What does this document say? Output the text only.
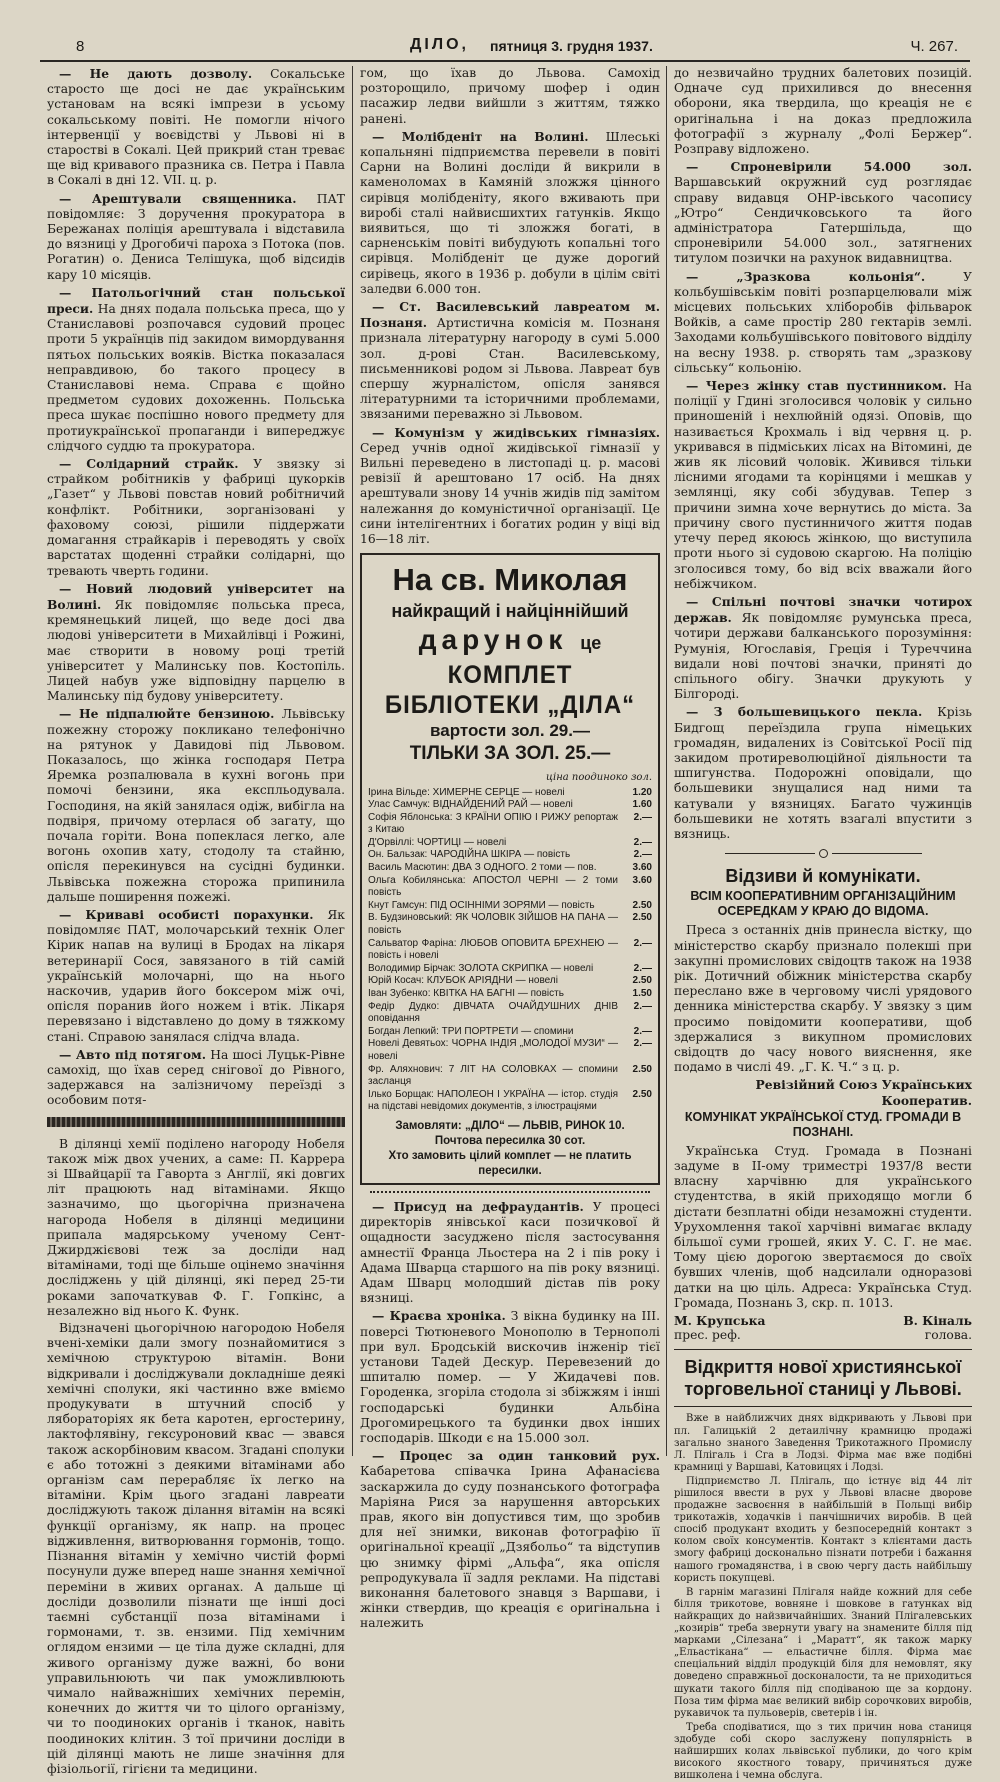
8	ДІЛО, пятниця 3. грудня 1937.	Ч. 267.

— Не дають дозволу. Сокальське старосто ще досі не дає українським установам на всякі імпрези в усьому сокальському повіті. Не помогли нічого інтервенції у воєвідстві у Львові ні в старостві в Сокалі. Цей прикрий стан треває ще від кривавого празника св. Петра і Павла в Сокалі в дні 12. VII. ц. р.

— Арештували священника. ПАТ повідомляє: З доручення прокуратора в Бережанах поліція арештувала і відставила до вязниці у Дрогобичі пароха з Потока (пов. Рогатин) о. Дениса Телішука, щоб відсидів кару 10 місяців.

— Патольогічний стан польської преси. На днях подала польська преса, що у Станиславові розпочався судовий процес проти 5 українців під закидом вимордування пятьох польських вояків. Вістка показалася неправдивою, бо такого процесу в Станиславові нема. Справа є щойно предметом судових дохоженнь. Польська преса шукає поспішно нового предмету для протиукраїнської пропаганди і випереджує слідчого суддю та прокуратора.

— Солідарний страйк. У звязку зі страйком робітників у фабриці цукорків „Газет“ у Львові повстав новий робітничий конфлікт. Робітники, зорганізовані у фаховому союзі, рішили піддержати домагання страйкарів і переводять у своїх варстатах щоденні страйки солідарні, що тревають чверть години.

— Новий людовий університет на Волині. Як повідомляє польська преса, кремянецький лицей, що веде досі два людові університети в Михайлівці і Рожині, має створити в новому році третій університет у Малинську пов. Костопіль. Лицей набув уже відповідну парцелю в Малинську під будову університету.

— Не підпалюйте бензиною. Львівську пожежну сторожу покликано телефонічно на рятунок у Давидові під Львовом. Показалось, що жінка господаря Петра Яремка розпалювала в кухні вогонь при помочі бензини, яка експльодувала. Господиня, на якій занялася одіж, вибігла на подвіря, причому отерлася об загату, що почала горіти. Вона попеклася легко, але вогонь охопив хату, стодолу та стайню, опісля перекинувся на сусідні будинки. Львівська пожежна сторожа припинила дальше поширення пожежі.

— Криваві особисті порахунки. Як повідомляє ПАТ, молочарський технік Олег Кірик напав на вулиці в Бродах на лікаря ветеринарії Сося, завязаного в тій самій українській молочарні, що на нього наскочив, ударив його боксером між очі, опісля поранив його ножем і втік. Лікаря перевязано і відставлено до дому в тяжкому стані. Справою занялася слідча влада.

— Авто під потягом. На шосі Луцьк-Рівне самохід, що їхав серед снігової до Рівного, задержався на залізничому переїзді з особовим потя-

В ділянці хемії поділено нагороду Нобеля також між двох учених, а саме: П. Каррера зі Швайцарії та Гаворта з Англії, які довгих літ працюють над вітамінами. Якщо зазначимо, що цьогорічна призначена нагорода Нобеля в ділянці медицини припала мадярському ученому Сент-Джирджієвові теж за досліди над вітамінами, тоді ще більше оцінемо значіння досліджень у цій ділянці, які перед 25-ти роками започаткував Ф. Г. Гопкінс, а незалежно від нього К. Функ.

Відзначені цьогорічною нагородою Нобеля вчені-хеміки дали змогу познайомитися з хемічною структурою вітамін. Вони відкривали і досліджували докладніше деякі хемічні сполуки, які частинно вже вміємо продукувати в штучний спосіб у лябораторіях як бета каротен, ергостерину, лактофлявіну, гексуроновий квас — звався також аскорбіновим квасом. Згадані сполуки є або тотожні з деякими вітамінами або організм сам перерабляє їх легко на вітаміни. Крім цього згадані лавреати досліджують також ділання вітамін на всякі функції організму, як напр. на процес відживлення, витворювання гормонів, тощо. Пізнання вітамін у хемічно чистій формі посунули дуже вперед наше знання хемічної переміни в живих органах. А дальше ці досліди дозволили пізнати ще інші досі таємні субстанції поза вітамінами і гормонами, т. зв. ензими. Під хемічним оглядом ензими — це тіла дуже складні, для живого організму дуже важні, бо вони управильнюють чи пак уможливлюють чимало найважніших хемічних перемін, конечних до життя чи то цілого організму, чи то поодиноких органів і тканок, навіть поодиноких клітин. З тої причини досліди в цій ділянці мають не лише значіння для фізіольогії, гігієни та медицини.

гом, що їхав до Львова. Самохід розторощило, причому шофер і один пасажир ледви вийшли з життям, тяжко ранені.

— Молібденіт на Волині. Шлеські копальняні підприємства перевели в повіті Сарни на Волині досліди й викрили в каменоломах в Камяній зложжя цінного сирівця молібденіту, якого вживають при виробі сталі найвисшихтих гатунків. Якщо виявиться, що ті зложжя богаті, в сарненськім повіті вибудують копальні того сирівця. Молібденіт це дуже дорогий сирівець, якого в 1936 р. добули в цілім світі заледви 6.000 тон.

— Ст. Василевський лавреатом м. Познаня. Артистична комісія м. Познаня признала літературну нагороду в сумі 5.000 зол. д-рові Стан. Василевському, письменникові родом зі Львова. Лавреат був спершу журналістом, опісля занявся літературними та історичними проблемами, звязаними переважно зі Львовом.

— Комунізм у жидівських гімназіях. Серед учнів одної жидівської гімназії у Вильні переведено в листопаді ц. р. масові ревізії й арештовано 17 осіб. На днях арештували знову 14 учнів жидів під замітом належання до комуністичної організації. Це сини інтелігентних і богатих родин у віці від 16—18 літ.

На св. Миколая
найкращий і найціннійший
дарунок це
КОМПЛЕТ БІБЛІОТЕКИ „ДІЛА“
вартости зол. 29.—
ТІЛЬКИ ЗА ЗОЛ. 25.—
ціна поодиноко зол.
Ірина Вільде: ХИМЕРНЕ СЕРЦЕ — новелі	1.20
Улас Самчук: ВІДНАЙДЕНИЙ РАЙ — новелі	1.60
Софія Яблонська: З КРАЇНИ ОПІЮ І РИЖУ репортаж з Китаю
2.—
Д'Орвіллі: ЧОРТИЦІ — новелі	2.—
Он. Бальзак: ЧАРОДІЙНА ШКІРА — повість	2.—
Василь Масютин: ДВА З ОДНОГО. 2 томи — пов.	3.60
Ольга Кобилянська: АПОСТОЛ ЧЕРНІ — 2 томи повість
3.60
Кнут Гамсун: ПІД ОСІННІМИ ЗОРЯМИ — повість	2.50
В. Будзиновський: ЯК ЧОЛОВІК ЗІЙШОВ НА ПАНА — повість
2.50
Сальватор Фаріна: ЛЮБОВ ОПОВИТА БРЕХНЕЮ — повість і новелі
2.—
Володимир Бірчак: ЗОЛОТА СКРИПКА — новелі	2.—
Юрій Косач: КЛУБОК АРІЯДНИ — новелі	2.50
Іван Зубенко: КВІТКА НА БАГНІ — повість	1.50
Федір Дудко: ДІВЧАТА ОЧАЙДУШНИХ ДНІВ оповідання
2.—
Богдан Лепкий: ТРИ ПОРТРЕТИ — спомини	2.—
Новелі Девятьох: ЧОРНА ІНДІЯ „МОЛОДОЇ МУЗИ“ — новелі
2.—
Фр. Аляхнович: 7 ЛІТ НА СОЛОВКАХ — спомини засланця
2.50
Ілько Борщак: НАПОЛЕОН І УКРАЇНА — істор. студія на підставі невідомих документів, з ілюстраціями
2.50
Замовляти: „ДІЛО“ — ЛЬВІВ, РИНОК 10.
Почтова пересилка 30 сот.
Хто замовить цілий комплет — не платить пересилки.

— Присуд на дефраудантів. У процесі директорів янівської каси позичкової й ощадности засуджено після застосування амнестії Франца Льостера на 2 і пів року і Адама Шварца старшого на пів року вязниці. Адам Шварц молодший дістав пів року вязниці.

— Краєва хроніка. З вікна будинку на III. поверсі Тютюневого Монополю в Тернополі при вул. Бродській вискочив інженір тієї установи Тадей Дескур. Перевезений до шпиталю помер. — У Жидачеві пов. Городенка, згоріла стодола зі збіжжям і інші господарські будинки Альбіна Дрогомирецького та будинки двох інших господарів. Шкоди є на 15.000 зол.

— Процес за один танковий рух. Кабаретова співачка Ірина Афанасієва заскаржила до суду познанського фотографа Маріяна Рися за нарушення авторських прав, якого він допустився тим, що зробив для неї знимки, виконав фотографію її оригінальної креації „Дзябольо“ та відступив цю знимку фірмі „Альфа“, яка опісля репродукувала її задля реклами. На підставі виконання балетового знавця з Варшави, і жінки ствердив, що креація є оригінальна і належить

до незвичайно трудних балетових позицій. Одначе суд прихилився до внесення оборони, яка твердила, що креація не є оригінальна і на доказ предложила фотографії з журналу „Фолі Бержер“. Розправу відложено.

— Спроневірили 54.000 зол. Варшавський окружний суд розглядає справу видавця ОНР-івського часопису „Ютро“ Сендичковського та його адміністратора Гатершільда, що спроневірили 54.000 зол., затягнених титулом позички на рахунок видавництва.

— „Зразкова кольонія“.	У кольбушівськім повіті розпарцелювали між місцевих польських хліборобів фільварок Войків, а саме простір 280 гектарів землі. Заходами кольбушівського повітового відділу на весну 1938. р. створять там „зразкову сільську“ кольонію.

— Через жінку став пустинником. На поліції у Гдині зголосився чоловік у сильно приношеній і нехлюйній одязі. Оповів, що називається Крохмаль і від червня ц. р. укривався в підміських лісах на Вітомині, де жив як лісовий чоловік. Живився тільки лісними ягодами та корінцями і мешкав у землянці, яку собі збудував. Тепер з причини зимна хоче вернутись до міста. За причину свого пустинничого життя подав утечу перед якоюсь жінкою, що виступила проти нього зі судовою скаргою. На поліцію зголосився тому, бо від всіх вважали його небіжчиком.

— Спільні почтові значки чотирох держав. Як повідомляє румунська преса, чотири держави балканського порозуміння: Румунія, Югославія, Греція і Туреччина видали нові почтові значки, приняті до спільного обігу. Значки друкують у Білгороді.

— З большевицького пекла. Крізь Бидгощ переїздила група німецьких громадян, видалених із Совітської Росії під закидом протиреволюційної діяльности та шпигунства. Подорожні оповідали, що большевики знущалися над ними та катували у вязницях. Багато чужинців большевики не хотять взагалі впустити з вязниць.

Відзиви й комунікати.
ВСІМ КООПЕРАТИВНИМ ОРГАНІЗАЦІЙНИМ ОСЕРЕДКАМ У КРАЮ ДО ВІДОМА.

Преса з останніх днів принесла вістку, що міністерство скарбу признало полекші при закупні промислових свідоцтв також на 1938 рік. Дотичний обіжник міністерства скарбу переслано вже в черговому числі урядового денника міністерства скарбу. У звязку з цим просимо повідомити кооперативи, щоб здержалися з викупном промислових свідоцтв до часу нового вияснення, яке подамо в числі 49. „Г. К. Ч.“ з ц. р.

Ревізійний Союз Українських Кооператив.

КОМУНІКАТ УКРАЇНСЬКОЇ СТУД. ГРОМАДИ В ПОЗНАНІ.

Українська Студ. Громада в Познані задуме в II-ому триместрі 1937/8 вести власну харчівню для українськогo студентства, в якій приходящо могли б дістати безплатні обіди незаможні студенти. Урухомлення такої харчівні вимагає вкладу більшої суми грошей, яких У. С. Г. не має. Тому цією дорогою звертаємося до своїх бувших членів, щоб надсилали одноразові датки на цю ціль. Адреса: Українська Студ. Громада, Познань 3, скр. п. 1013.

М. Крупська
прес. реф.
В. Кіналь
голова.
Відкриття нової християнської торговельної станиці у Львові.

Вже в найближчих днях відкривають у Львові при пл. Галицькій 2 детаилічну крамницю продажі загально знаного Заведення Трикотажного Промислу Л. Плігаль і Сга в Лодзі. Фірма має вже подібні крамниці у Варшаві, Катовицях і Лодзі.

Підприємство Л. Плігаль, що істнує від 44 літ рішилося ввести в рух у Львові власне дворове продажне засвоєння в найбільшій в Польщі вибір трикотажів, ходачків і панчішничих виробів. В цей спосіб продукант входить у безпосередній контакт з колом своїх консументів. Контакт з клієнтами дасть змогу фабриці досконально пізнати потреби і бажання нашого громадянства, і в свою чергу дасть найбільшу користь покупцеві.

В гарнім магазині Плігаля найде кожний для себе білля трикотове, вовняне і шовкове в гатунках від найкращих до найзвичайніших. Знаний Плігалевських „козирів“ треба звернути увагу на знамените білля під марками „Сілезана“ і „Маратт“, як також марку „Ельастікана“ — ельастичне білля. Фірма має спеціальний відділ продукцій біля для немовлят, яку доведено справжньої досконалости, та не приходиться шукати такого білля під сподіваною ще за кордону. Поза тим фірма має великий вибір сорочкових виробів, рукавичок та пульоверів, светерів і ін.

Треба сподіватися, що з тих причин нова станиця здобуде собі скоро заслужену популярність в найширших колах львівської публики, до чого крім високого якостного товару, причиняться дуже вишколена і чемна обслуга.
